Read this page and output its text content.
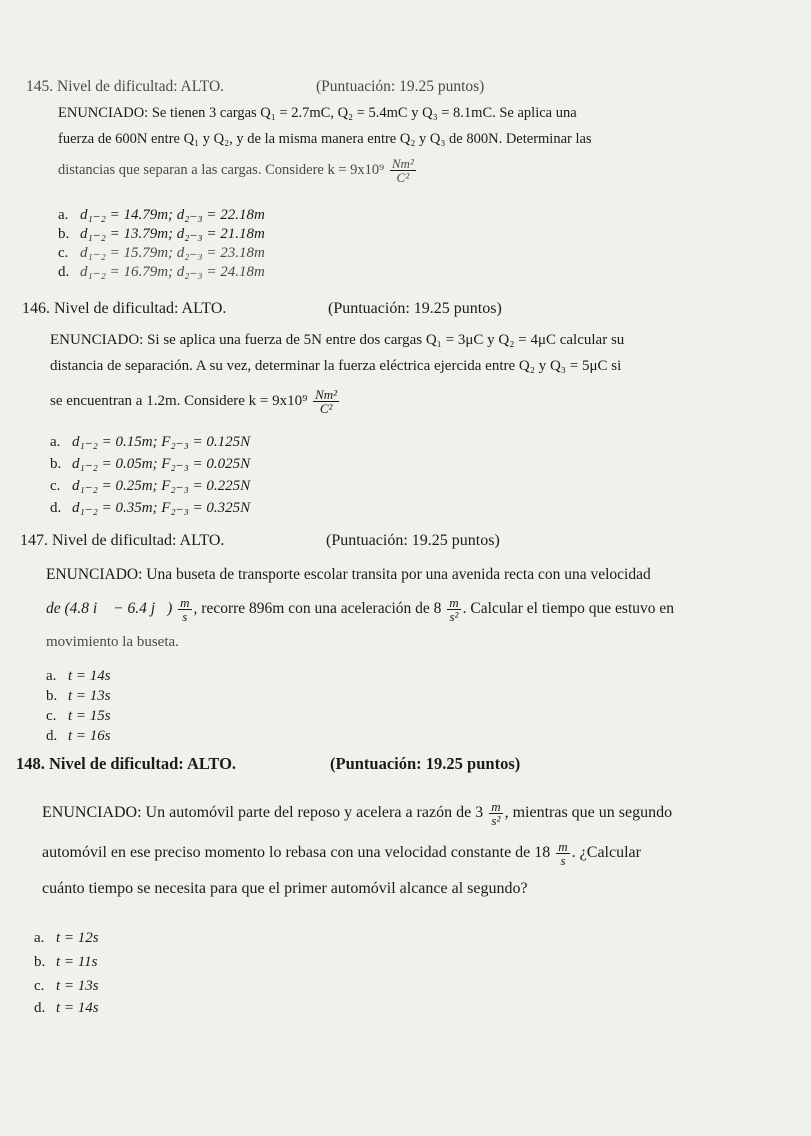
145. Nivel de dificultad: ALTO.	(Puntuación: 19.25 puntos)
ENUNCIADO: Se tienen 3 cargas Q₁ = 2.7mC, Q₂ = 5.4mC y Q₃ = 8.1mC. Se aplica una
fuerza de 600N entre Q₁ y Q₂, y de la misma manera entre Q₂ y Q₃ de 800N. Determinar las
distancias que separan a las cargas. Considere $k = 9x10^9 \frac{\text{Nm²}}{\text{C²}}$
a. d₁₋₂ = 14.79m; d₂₋₃ = 22.18m
b. d₁₋₂ = 13.79m; d₂₋₃ = 21.18m
c. d₁₋₂ = 15.79m; d₂₋₃ = 23.18m
d. d₁₋₂ = 16.79m; d₂₋₃ = 24.18m
146. Nivel de dificultad: ALTO.	(Puntuación: 19.25 puntos)
ENUNCIADO: Si se aplica una fuerza de 5N entre dos cargas Q₁ = 3μC y Q₂ = 4μC calcular su
distancia de separación. A su vez, determinar la fuerza eléctrica ejercida entre Q₂ y Q₃ = 5μC si
se encuentran a 1.2m. Considere $k = 9x10^9 \frac{\text{Nm²}}{\text{C²}}$
a. d₁₋₂ = 0.15m; F₂₋₃ = 0.125N
b. d₁₋₂ = 0.05m; F₂₋₃ = 0.025N
c. d₁₋₂ = 0.25m; F₂₋₃ = 0.225N
d. d₁₋₂ = 0.35m; F₂₋₃ = 0.325N
147. Nivel de dificultad: ALTO.	(Puntuación: 19.25 puntos)
ENUNCIADO: Una buseta de transporte escolar transita por una avenida recta con una velocidad
de (4.8 i⃗ − 6.4 j⃗) $\frac{m}{s}$ , recorre 896m con una aceleración de $8 \frac{m}{\text{s²}}$ . Calcular el tiempo que estuvo en
movimiento la buseta.
a. t = 14s
b. t = 13s
c. t = 15s
d. t = 16s
148. Nivel de dificultad: ALTO.	(Puntuación: 19.25 puntos)
ENUNCIADO: Un automóvil parte del reposo y acelera a razón de $3 \frac{m}{\text{s²}}$ , mientras que un segundo
automóvil en ese preciso momento lo rebasa con una velocidad constante de $18 \frac{m}{s}$ . ¿Calcular
cuánto tiempo se necesita para que el primer automóvil alcance al segundo?
a. t = 12s
b. t = 11s
c. t = 13s
d. t = 14s
